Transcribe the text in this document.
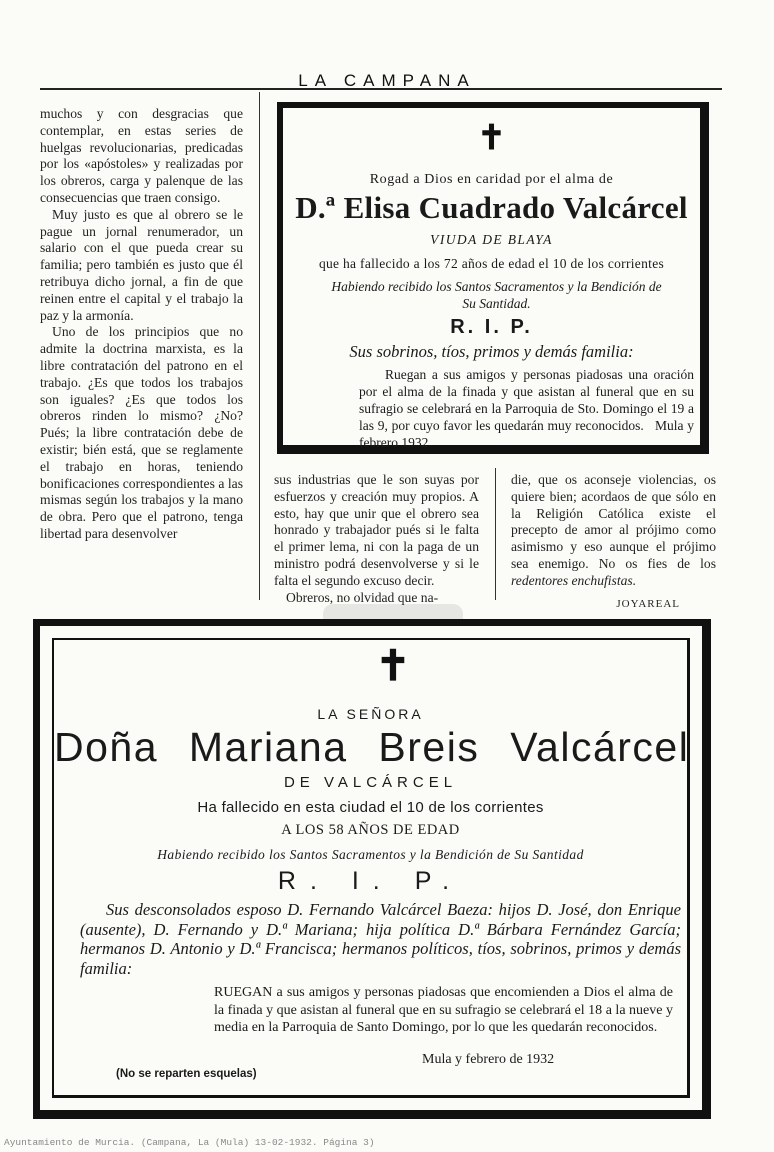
LA CAMPANA

muchos y con desgracias que contemplar, en estas series de huelgas revolucionarias, predicadas por los «apóstoles» y realizadas por los obreros, carga y palenque de las consecuencias que traen consigo.

Muy justo es que al obrero se le pague un jornal renumerador, un salario con el que pueda crear su familia; pero también es justo que él retribuya dicho jornal, a fin de que reinen entre el capital y el trabajo la paz y la armonía.

Uno de los principios que no admite la doctrina marxista, es la libre contratación del patrono en el trabajo. ¿Es que todos los trabajos son iguales? ¿Es que todos los obreros rinden lo mismo? ¿No? Pués; la libre contratación debe de existir; bién está, que se reglamente el trabajo en horas, teniendo bonificaciones correspondientes a las mismas según los trabajos y la mano de obra. Pero que el patrono, tenga libertad para desenvolver

sus industrias que le son suyas por esfuerzos y creación muy propios. A esto, hay que unir que el obrero sea honrado y trabajador pués si le falta el primer lema, ni con la paga de un ministro podrá desenvolverse y si le falta el segundo excuso decir.

Obreros, no olvidad que na-

die, que os aconseje violencias, os quiere bien; acordaos de que sólo en la Religión Católica existe el precepto de amor al prójimo como asimismo y eso aunque el prójimo sea enemigo. No os fies de los redentores enchufistas.

JOYAREAL
✝
Rogad a Dios en caridad por el alma de
D.ª Elisa Cuadrado Valcárcel
VIUDA DE BLAYA
que ha fallecido a los 72 años de edad el 10 de los corrientes
Habiendo recibido los Santos Sacramentos y la Bendición de Su Santidad.
R. I. P.
Sus sobrinos, tíos, primos y demás familia:

Ruegan a sus amigos y personas piadosas una oración por el alma de la finada y que asistan al funeral que en su sufragio se celebrará en la Parroquia de Sto. Domingo el 19 a las 9, por cuyo favor les quedarán muy reconocidos. Mula y febrero 1932.

✝
LA SEÑORA
Doña Mariana Breis Valcárcel
DE VALCÁRCEL
Ha fallecido en esta ciudad el 10 de los corrientes
A LOS 58 AÑOS DE EDAD
Habiendo recibido los Santos Sacramentos y la Bendición de Su Santidad
R. I. P.
Sus desconsolados esposo D. Fernando Valcárcel Baeza: hijos D. José, don Enrique (ausente), D. Fernando y D.ª Mariana; hija política D.ª Bárbara Fernández García; hermanos D. Antonio y D.ª Francisca; hermanos políticos, tíos, sobrinos, primos y demás familia:

RUEGAN a sus amigos y personas piadosas que encomienden a Dios el alma de la finada y que asistan al funeral que en su sufragio se celebrará el 18 a la nueve y media en la Parroquia de Santo Domingo, por lo que les quedarán reconocidos.

Mula y febrero de 1932
(No se reparten esquelas)
Ayuntamiento de Murcia. (Campana, La (Mula) 13-02-1932. Página 3)
